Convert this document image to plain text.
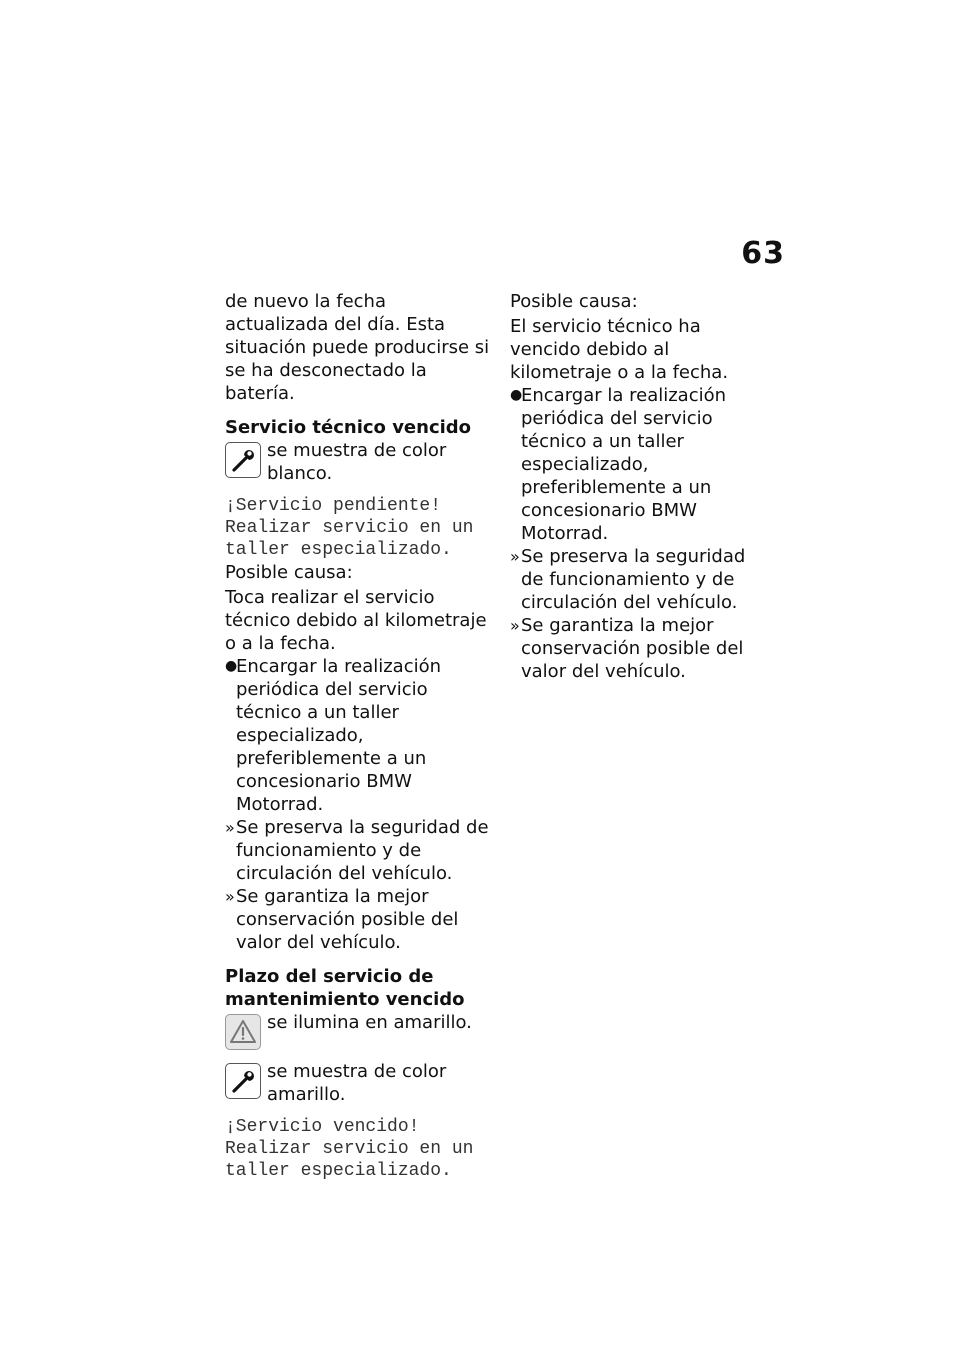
63

de nuevo la fecha actualizada del día. Esta situación puede producirse si se ha desconectado la batería.

Servicio técnico vencido

se muestra de color blanco.

¡Servicio pendiente! Realizar servicio en un taller especializado.

Posible causa:

Toca realizar el servicio técnico debido al kilometraje o a la fecha.

●
Encargar la realización periódica del servicio técnico a un taller especializado, preferiblemente a un concesionario BMW Motorrad.
» Se preserva la seguridad de funcionamiento y de circulación del vehículo.
» Se garantiza la mejor conservación posible del valor del vehículo.

Plazo del servicio de mantenimiento vencido

se ilumina en amarillo.
se muestra de color amarillo.

¡Servicio vencido! Realizar servicio en un taller especializado.

Posible causa:

El servicio técnico ha vencido debido al kilometraje o a la fecha.

●
Encargar la realización periódica del servicio técnico a un taller especializado, preferiblemente a un concesionario BMW Motorrad.
» Se preserva la seguridad de funcionamiento y de circulación del vehículo.
» Se garantiza la mejor conservación posible del valor del vehículo.
